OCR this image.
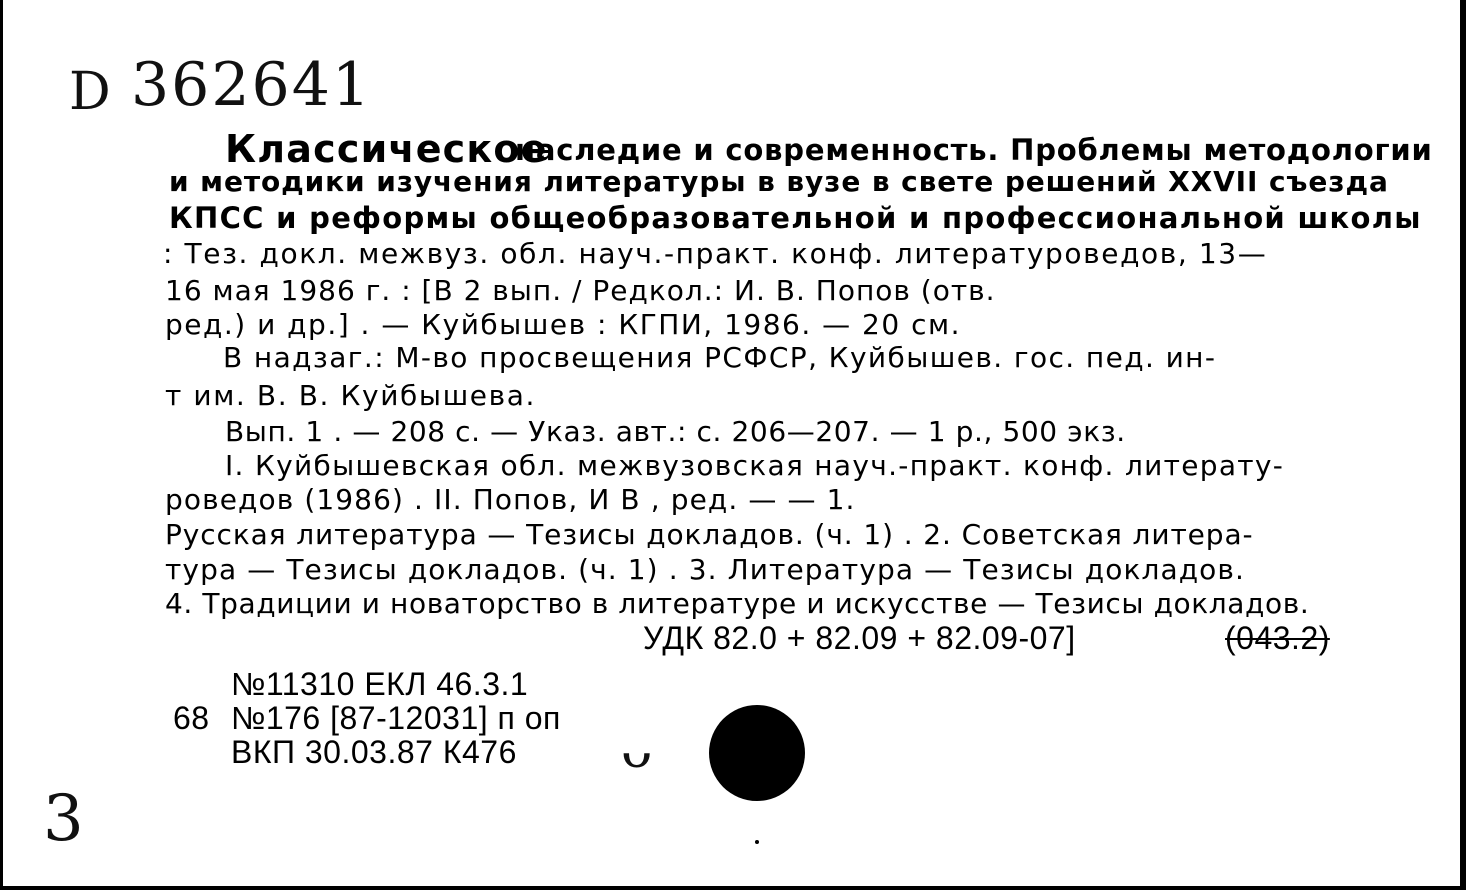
D 362641
Классическое
наследие и современность. Проблемы методологии
и методики изучения литературы в вузе в свете решений XXVII съезда
КПСС и реформы общеобразовательной и профессиональной школы
: Тез. докл. межвуз. обл. науч.-практ. конф. литературоведов, 13—
16 мая 1986 г. : [В 2 вып. / Редкол.: И. В. Попов (отв.
ред.) и др.] . — Куйбышев : КГПИ, 1986. — 20 см.
В надзаг.: М-во просвещения РСФСР, Куйбышев. гос. пед. ин-
т им. В. В. Куйбышева.
Вып. 1 . — 208 с. — Указ. авт.: с. 206—207. — 1 р., 500 экз.
I. Куйбышевская обл. межвузовская науч.-практ. конф. литерату-
роведов (1986) . II. Попов, И В , ред. — — 1.
Русская литература — Тезисы докладов. (ч. 1) . 2. Советская литера-
тура — Тезисы докладов. (ч. 1) . 3. Литература — Тезисы докладов.
4. Традиции и новаторство в литературе и искусстве — Тезисы докладов.
УДК 82.0 + 82.09 + 82.09-07]	(043.2)
№11310 ЕКЛ 46.3.1
68 №176 [87-12031] п оп
ВКП 30.03.87 К476 ᴗ
3
